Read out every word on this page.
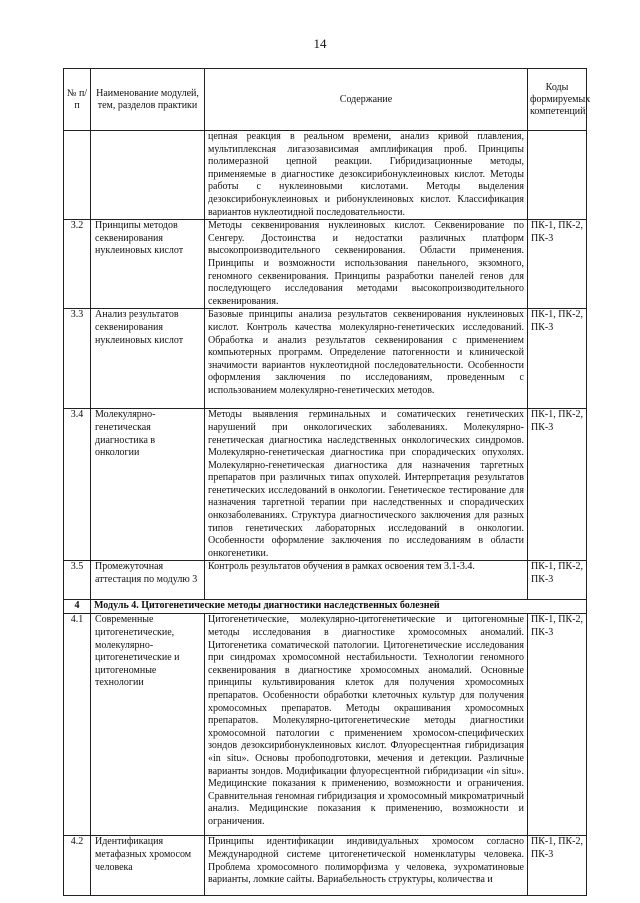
14
№ п/п	Наименование модулей, тем, разделов практики	Содержание	Коды формируемых компетенций
		цепная реакция в реальном времени, анализ кривой плавления, мультиплексная лигазозависимая амплификация проб. Принципы полимеразной цепной реакции. Гибридизационные методы, применяемые в диагностике дезоксирибонуклеиновых кислот. Методы работы с нуклеиновыми кислотами. Методы выделения дезоксирибонуклеиновых и рибонуклеиновых кислот. Классификация вариантов нуклеотидной последовательности.	
3.2	Принципы методов секвенирования нуклеиновых кислот	Методы секвенирования нуклеиновых кислот. Секвенирование по Сенгеру. Достоинства и недостатки различных платформ высокопроизводительного секвенирования. Области применения. Принципы и возможности использования панельного, экзомного, геномного секвенирования. Принципы разработки панелей генов для последующего исследования методами высокопроизводительного секвенирования.	ПК-1, ПК-2, ПК-3
3.3	Анализ результатов секвенирования нуклеиновых кислот	Базовые принципы анализа результатов секвенирования нуклеиновых кислот. Контроль качества молекулярно-генетических исследований. Обработка и анализ результатов секвенирования с применением компьютерных программ. Определение патогенности и клинической значимости вариантов нуклеотидной последовательности. Особенности оформления заключения по исследованиям, проведенным с использованием молекулярно-генетических методов.	ПК-1, ПК-2, ПК-3
3.4	Молекулярно-генетическая диагностика в онкологии	Методы выявления герминальных и соматических генетических нарушений при онкологических заболеваниях. Молекулярно-генетическая диагностика наследственных онкологических синдромов. Молекулярно-генетическая диагностика при спорадических опухолях. Молекулярно-генетическая диагностика для назначения таргетных препаратов при различных типах опухолей. Интерпретация результатов генетических исследований в онкологии. Генетическое тестирование для назначения таргетной терапии при наследственных и спорадических онкозаболеваниях. Структура диагностического заключения для разных типов генетических лабораторных исследований в онкологии. Особенности оформление заключения по исследованиям в области онкогенетики.	ПК-1, ПК-2, ПК-3
3.5	Промежуточная аттестация по модулю 3	Контроль результатов обучения в рамках освоения тем 3.1-3.4.	ПК-1, ПК-2, ПК-3
4	Модуль 4. Цитогенетические методы диагностики наследственных болезней		
4.1	Современные цитогенетические, молекулярно-цитогенетические и цитогеномные технологии	Цитогенетические, молекулярно-цитогенетические и цитогеномные методы исследования в диагностике хромосомных аномалий. Цитогенетика соматической патологии. Цитогенетические исследования при синдромах хромосомной нестабильности. Технологии геномного секвенирования в диагностике хромосомных аномалий. Основные принципы культивирования клеток для получения хромосомных препаратов. Особенности обработки клеточных культур для получения хромосомных препаратов. Методы окрашивания хромосомных препаратов. Молекулярно-цитогенетические методы диагностики хромосомной патологии с применением хромосом-специфических зондов дезоксирибонуклеиновых кислот. Флуоресцентная гибридизация «in situ». Основы пробоподготовки, мечения и детекции. Различные варианты зондов. Модификации флуоресцентной гибридизации «in situ». Медицинские показания к применению, возможности и ограничения. Сравнительная геномная гибридизация и хромосомный микроматричный анализ. Медицинские показания к применению, возможности и ограничения.	ПК-1, ПК-2, ПК-3
4.2	Идентификация метафазных хромосом человека	Принципы идентификации индивидуальных хромосом согласно Международной системе цитогенетической номенклатуры человека. Проблема хромосомного полиморфизма у человека, эухроматиновые варианты, ломкие сайты. Вариабельность структуры, количества и	ПК-1, ПК-2, ПК-3
